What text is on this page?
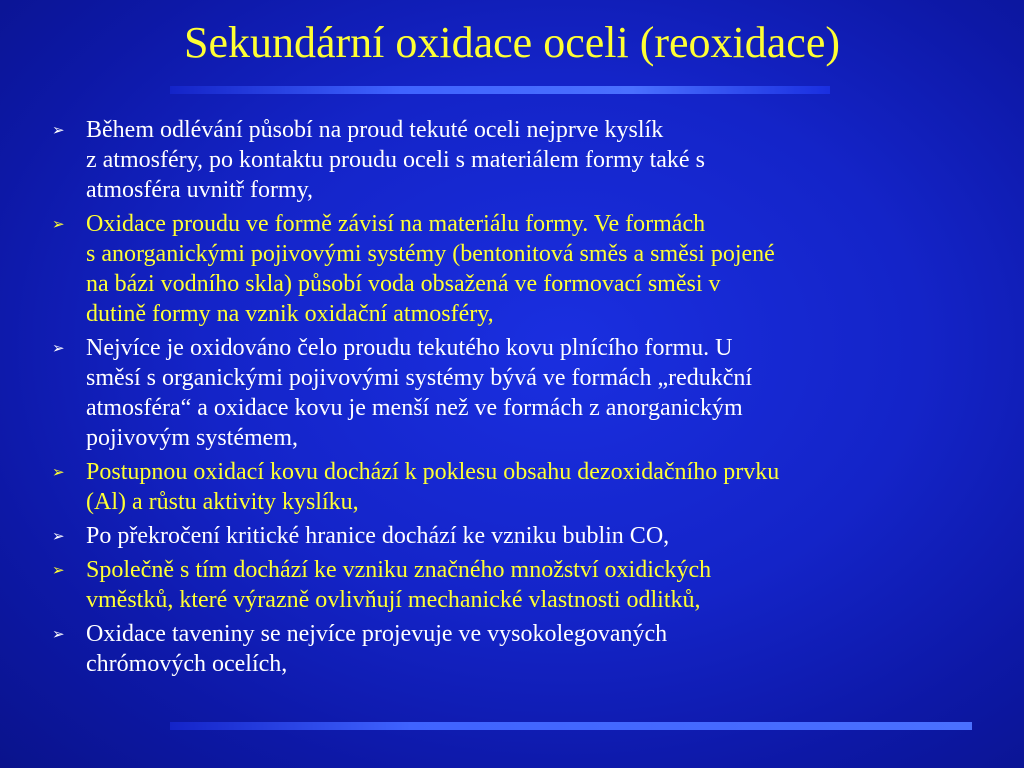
Sekundární oxidace oceli (reoxidace)
➢ Během odlévání působí na proud tekuté oceli nejprve kyslík
z atmosféry, po kontaktu proudu oceli s materiálem formy také s
atmosféra uvnitř formy,
➢ Oxidace proudu ve formě závisí na materiálu formy. Ve formách
s anorganickými pojivovými systémy (bentonitová směs a směsi pojené
na bázi vodního skla) působí voda obsažená ve formovací směsi v
dutině formy na vznik oxidační atmosféry,
➢ Nejvíce je oxidováno čelo proudu tekutého kovu plnícího formu. U
směsí s organickými pojivovými systémy bývá ve formách „redukční
atmosféra“ a oxidace kovu je menší než ve formách z anorganickým
pojivovým systémem,
➢ Postupnou oxidací kovu dochází k poklesu obsahu dezoxidačního prvku
(Al) a růstu aktivity kyslíku,
➢ Po překročení kritické hranice dochází ke vzniku bublin CO,
➢ Společně s tím dochází ke vzniku značného množství oxidických
vměstků, které výrazně ovlivňují mechanické vlastnosti odlitků,
➢ Oxidace taveniny se nejvíce projevuje ve vysokolegovaných
chrómových ocelích,
